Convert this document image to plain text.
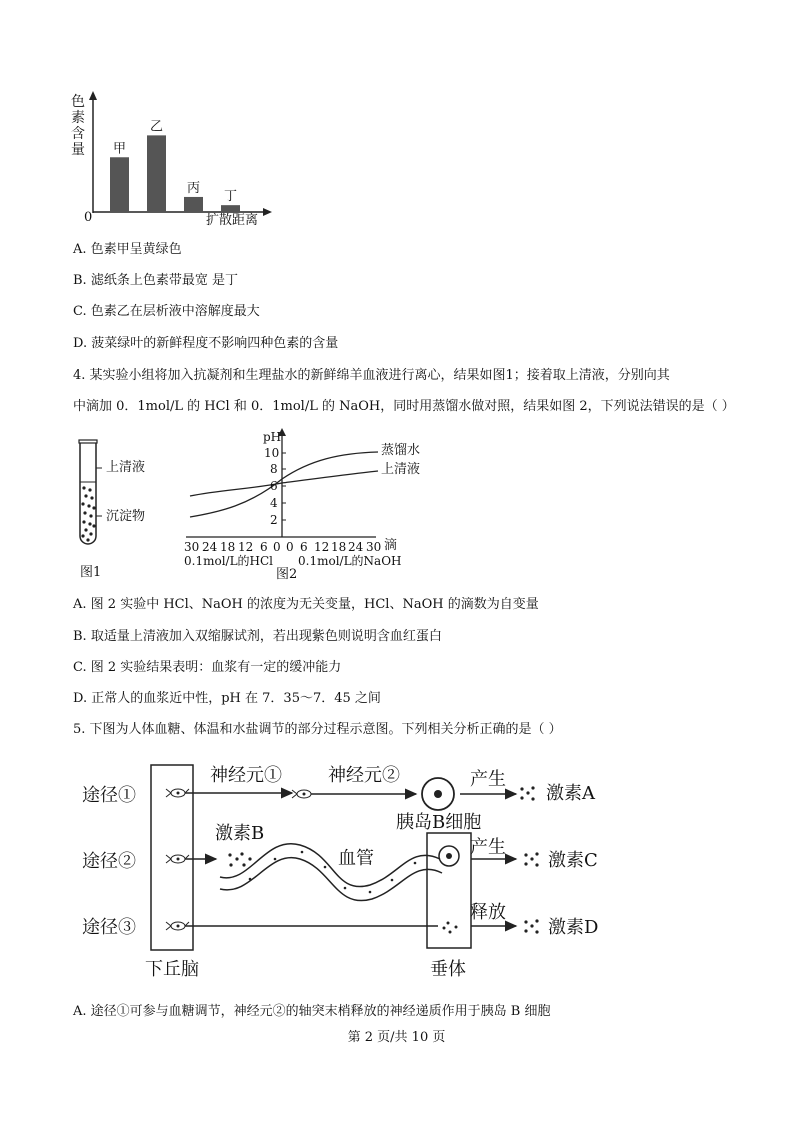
甲
乙
丙
丁
色
素
含
量
0	扩散距离
A. 色素甲呈黄绿色
B. 滤纸条上色素带最宽 是丁
C. 色素乙在层析液中溶解度最大
D. 菠菜绿叶的新鲜程度不影响四种色素的含量
4. 某实验小组将加入抗凝剂和生理盐水的新鲜绵羊血液进行离心，结果如图1；接着取上清液，分别向其
中滴加 0．1mol/L 的 HCl 和 0．1mol/L 的 NaOH，同时用蒸馏水做对照，结果如图 2，下列说法错误的是（ ）
上清液
沉淀物
图1
pH
10
8
6
4
2
蒸馏水
上清液
30 24 18 12 6 0 0 6 12 18 24 30 滴
0.1mol/L的HCl
图2
0.1mol/L的NaOH
A. 图 2 实验中 HCl、NaOH 的浓度为无关变量，HCl、NaOH 的滴数为自变量
B. 取适量上清液加入双缩脲试剂，若出现紫色则说明含血红蛋白
C. 图 2 实验结果表明：血浆有一定的缓冲能力
D. 正常人的血浆近中性，pH 在 7．35～7．45 之间
5. 下图为人体血糖、体温和水盐调节的部分过程示意图。下列相关分析正确的是（ ）
途径①
途径②
途径③
神经元①	神经元②	产生
激素A
胰岛B细胞
激素B
血管
产生
激素C
释放
激素D
下丘脑	垂体
A. 途径①可参与血糖调节，神经元②的轴突末梢释放的神经递质作用于胰岛 B 细胞
第 2 页/共 10 页
